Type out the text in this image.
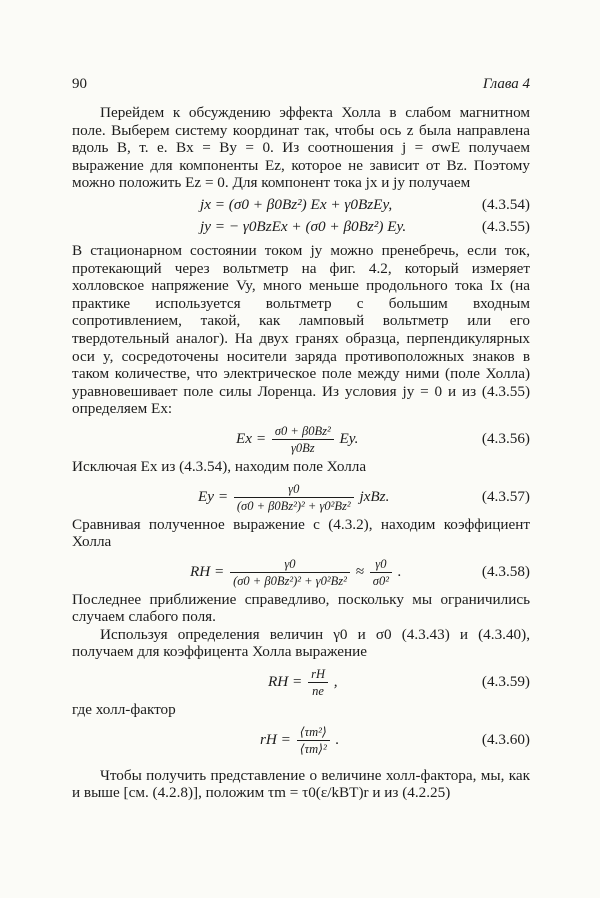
90	Глава 4

Перейдем к обсуждению эффекта Холла в слабом магнитном поле. Выберем систему координат так, чтобы ось z была направлена вдоль B, т. е. Bx = By = 0. Из соотношения j = σwE получаем выражение для компоненты Ez, которое не зависит от Bz. Поэтому можно положить Ez = 0. Для компонент тока jx и jy получаем

jx = (σ0 + β0Bz²) Ex + γ0BzEy,	(4.3.54)
jy = − γ0BzEx + (σ0 + β0Bz²) Ey.	(4.3.55)

В стационарном состоянии током jy можно пренебречь, если ток, протекающий через вольтметр на фиг. 4.2, который измеряет холловское напряжение Vy, много меньше продольного тока Ix (на практике используется вольтметр с большим входным сопротивлением, такой, как ламповый вольтметр или его твердотельный аналог). На двух гранях образца, перпендикулярных оси y, сосредоточены носители заряда противоположных знаков в таком количестве, что электрическое поле между ними (поле Холла) уравновешивает поле силы Лоренца. Из условия jy = 0 и из (4.3.55) определяем Ex:

$Ex = \frac{\text{σ0 + β0Bz²}}{\gamma 0Bz} Ey$.	(4.3.56)

Исключая Ex из (4.3.54), находим поле Холла

$Ey = \frac{\gamma 0}{\text{(σ0 + β0Bz²)² + γ0²Bz²}}$ jxBz.	(4.3.57)

Сравнивая полученное выражение с (4.3.2), находим коэффициент Холла

RH = $\frac{\gamma 0}{\text{(σ0 + β0Bz²)² + γ0²Bz²}} \approx \frac{\gamma 0}{\text{σ0²}}$ .	(4.3.58)

Последнее приближение справедливо, поскольку мы ограничились случаем слабого поля.

Используя определения величин γ0 и σ0 (4.3.43) и (4.3.40), получаем для коэффицента Холла выражение

RH = $\frac{rH}{ne}$ ,	(4.3.59)

где холл-фактор

rH = $\frac{\text{⟨τm²⟩}}{\text{⟨τm⟩²}}$ .	(4.3.60)

Чтобы получить представление о величине холл-фактора, мы, как и выше [см. (4.2.8)], положим τm = τ0(ε/kBT)r и из (4.2.25)
